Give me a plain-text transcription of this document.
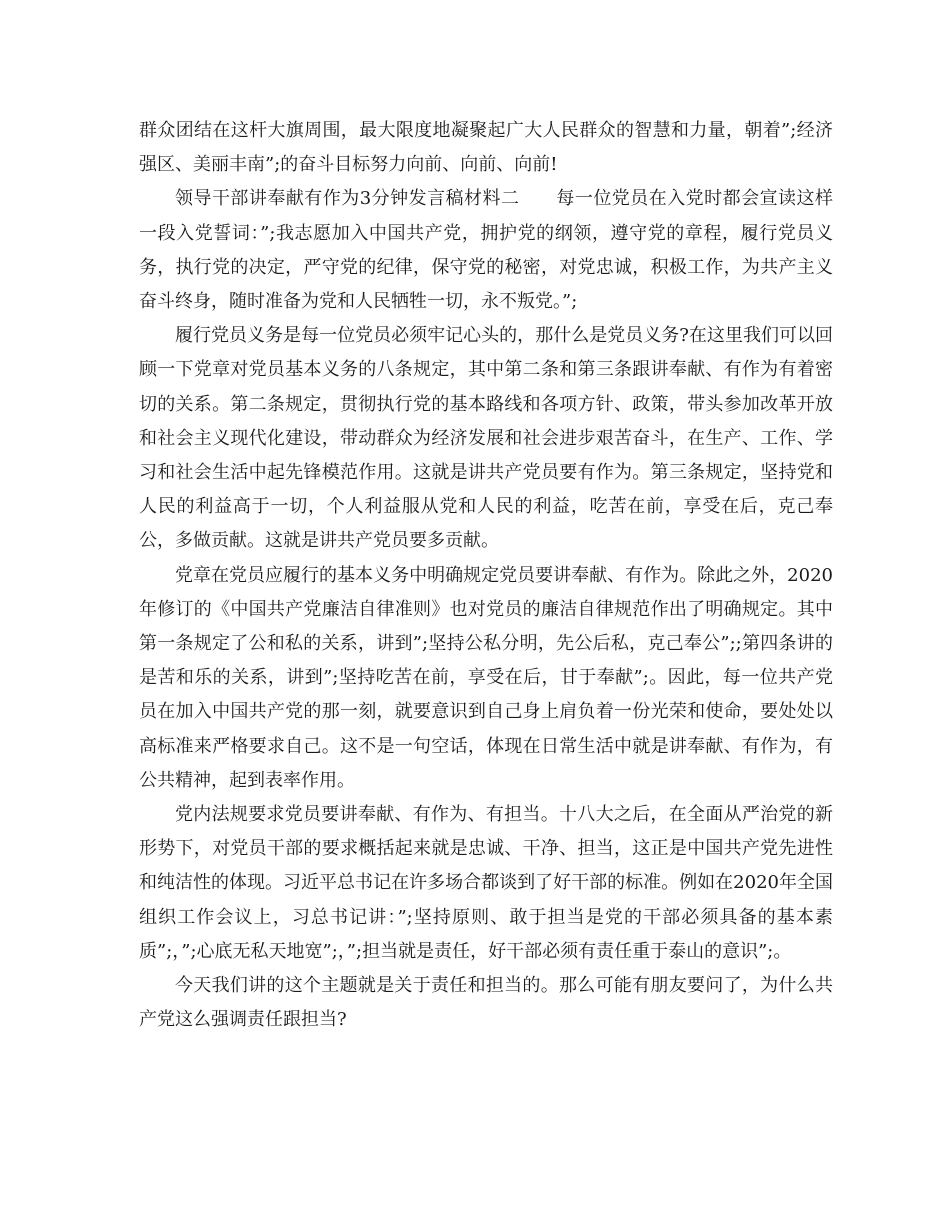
群众团结在这杆大旗周围，最大限度地凝聚起广大人民群众的智慧和力量，朝着”;经济强区、美丽丰南”;的奋斗目标努力向前、向前、向前!

领导干部讲奉献有作为3分钟发言稿材料二　　每一位党员在入党时都会宣读这样一段入党誓词：”;我志愿加入中国共产党，拥护党的纲领，遵守党的章程，履行党员义务，执行党的决定，严守党的纪律，保守党的秘密，对党忠诚，积极工作，为共产主义奋斗终身，随时准备为党和人民牺牲一切，永不叛党。”;

履行党员义务是每一位党员必须牢记心头的，那什么是党员义务?在这里我们可以回顾一下党章对党员基本义务的八条规定，其中第二条和第三条跟讲奉献、有作为有着密切的关系。第二条规定，贯彻执行党的基本路线和各项方针、政策，带头参加改革开放和社会主义现代化建设，带动群众为经济发展和社会进步艰苦奋斗，在生产、工作、学习和社会生活中起先锋模范作用。这就是讲共产党员要有作为。第三条规定，坚持党和人民的利益高于一切，个人利益服从党和人民的利益，吃苦在前，享受在后，克己奉公，多做贡献。这就是讲共产党员要多贡献。

党章在党员应履行的基本义务中明确规定党员要讲奉献、有作为。除此之外，2020年修订的《中国共产党廉洁自律准则》也对党员的廉洁自律规范作出了明确规定。其中第一条规定了公和私的关系，讲到”;坚持公私分明，先公后私，克己奉公”;;第四条讲的是苦和乐的关系，讲到”;坚持吃苦在前，享受在后，甘于奉献”;。因此，每一位共产党员在加入中国共产党的那一刻，就要意识到自己身上肩负着一份光荣和使命，要处处以高标准来严格要求自己。这不是一句空话，体现在日常生活中就是讲奉献、有作为，有公共精神，起到表率作用。

党内法规要求党员要讲奉献、有作为、有担当。十八大之后，在全面从严治党的新形势下，对党员干部的要求概括起来就是忠诚、干净、担当，这正是中国共产党先进性和纯洁性的体现。习近平总书记在许多场合都谈到了好干部的标准。例如在2020年全国组织工作会议上，习总书记讲：”;坚持原则、敢于担当是党的干部必须具备的基本素质”;，”;心底无私天地宽”;，”;担当就是责任，好干部必须有责任重于泰山的意识”;。

今天我们讲的这个主题就是关于责任和担当的。那么可能有朋友要问了，为什么共产党这么强调责任跟担当?
